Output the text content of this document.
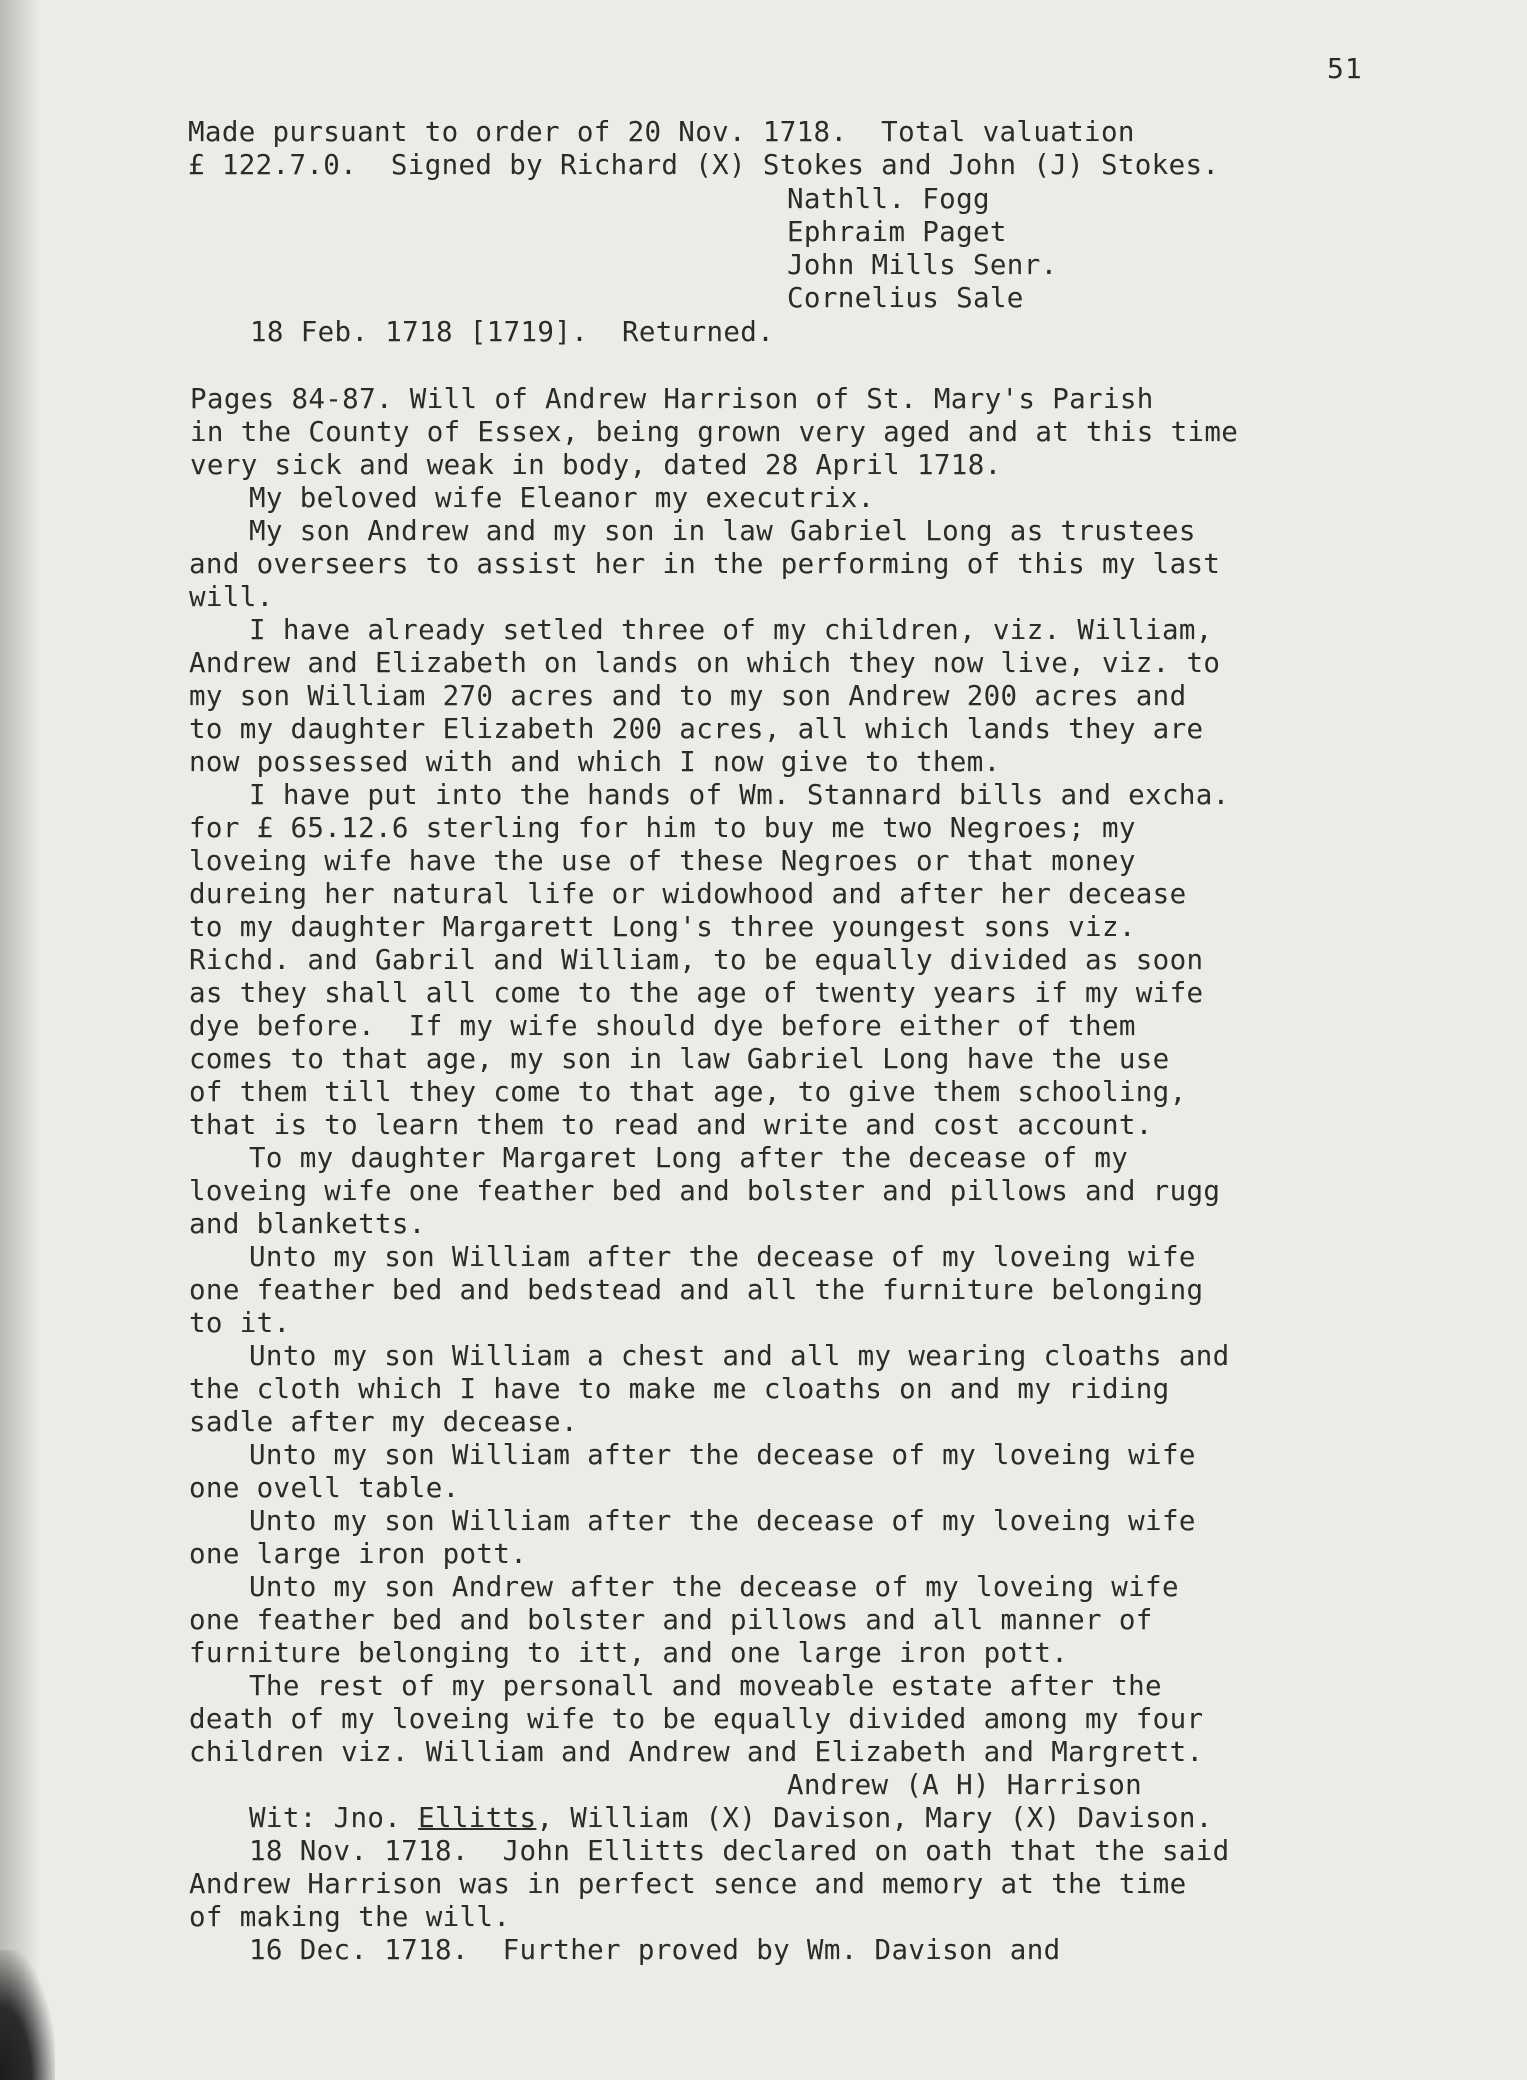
51
Made pursuant to order of 20 Nov. 1718.  Total valuation
£ 122.7.0.  Signed by Richard (X) Stokes and John (J) Stokes.
Nathll. Fogg
Ephraim Paget
John Mills Senr.
Cornelius Sale
18 Feb. 1718 [1719].  Returned.
Pages 84-87. Will of Andrew Harrison of St. Mary's Parish
in the County of Essex, being grown very aged and at this time
very sick and weak in body, dated 28 April 1718.
My beloved wife Eleanor my executrix.
My son Andrew and my son in law Gabriel Long as trustees
and overseers to assist her in the performing of this my last
will.
I have already setled three of my children, viz. William,
Andrew and Elizabeth on lands on which they now live, viz. to
my son William 270 acres and to my son Andrew 200 acres and
to my daughter Elizabeth 200 acres, all which lands they are
now possessed with and which I now give to them.
I have put into the hands of Wm. Stannard bills and excha.
for £ 65.12.6 sterling for him to buy me two Negroes; my
loveing wife have the use of these Negroes or that money
dureing her natural life or widowhood and after her decease
to my daughter Margarett Long's three youngest sons viz.
Richd. and Gabril and William, to be equally divided as soon
as they shall all come to the age of twenty years if my wife
dye before.  If my wife should dye before either of them
comes to that age, my son in law Gabriel Long have the use
of them till they come to that age, to give them schooling,
that is to learn them to read and write and cost account.
To my daughter Margaret Long after the decease of my
loveing wife one feather bed and bolster and pillows and rugg
and blanketts.
Unto my son William after the decease of my loveing wife
one feather bed and bedstead and all the furniture belonging
to it.
Unto my son William a chest and all my wearing cloaths and
the cloth which I have to make me cloaths on and my riding
sadle after my decease.
Unto my son William after the decease of my loveing wife
one ovell table.
Unto my son William after the decease of my loveing wife
one large iron pott.
Unto my son Andrew after the decease of my loveing wife
one feather bed and bolster and pillows and all manner of
furniture belonging to itt, and one large iron pott.
The rest of my personall and moveable estate after the
death of my loveing wife to be equally divided among my four
children viz. William and Andrew and Elizabeth and Margrett.
Andrew (A H) Harrison
Wit: Jno. Ellitts, William (X) Davison, Mary (X) Davison.
18 Nov. 1718.  John Ellitts declared on oath that the said
Andrew Harrison was in perfect sence and memory at the time
of making the will.
16 Dec. 1718.  Further proved by Wm. Davison and
